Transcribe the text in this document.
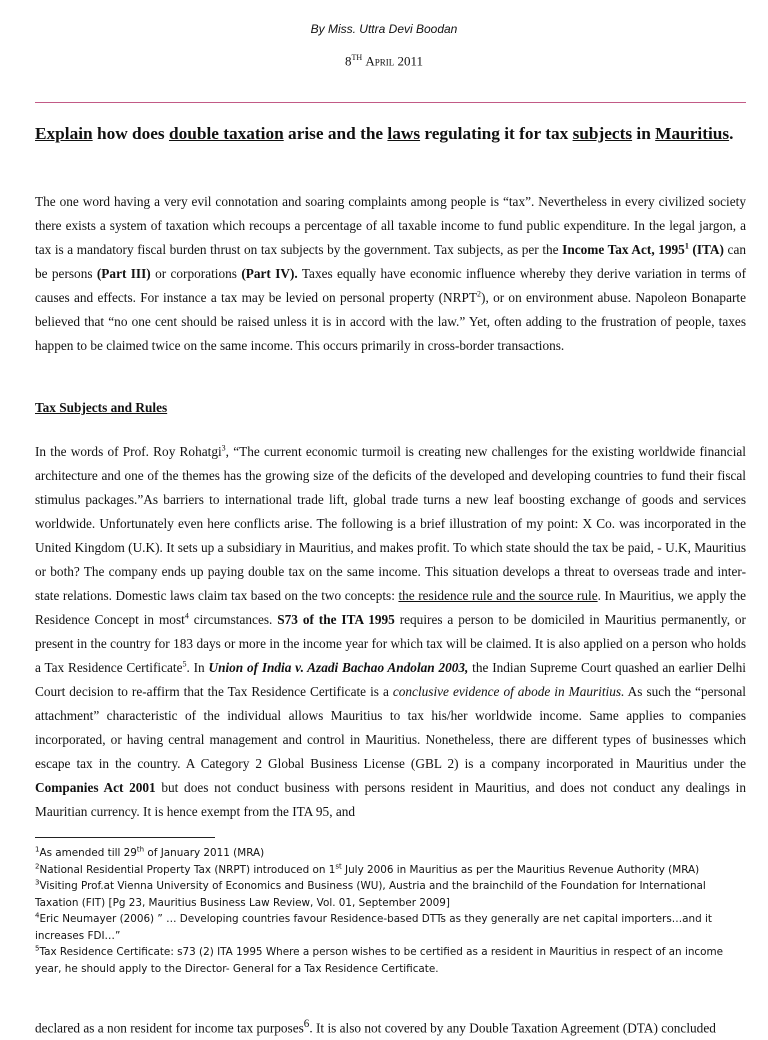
By Miss. Uttra Devi Boodan
8TH April 2011
Explain how does double taxation arise and the laws regulating it for tax subjects in Mauritius.
The one word having a very evil connotation and soaring complaints among people is “tax”. Nevertheless in every civilized society there exists a system of taxation which recoups a percentage of all taxable income to fund public expenditure. In the legal jargon, a tax is a mandatory fiscal burden thrust on tax subjects by the government. Tax subjects, as per the Income Tax Act, 1995$^1$ (ITA) can be persons (Part III) or corporations (Part IV). Taxes equally have economic influence whereby they derive variation in terms of causes and effects. For instance a tax may be levied on personal property (NRPT$^2$), or on environment abuse. Napoleon Bonaparte believed that “no one cent should be raised unless it is in accord with the law.” Yet, often adding to the frustration of people, taxes happen to be claimed twice on the same income. This occurs primarily in cross-border transactions.
Tax Subjects and Rules
In the words of Prof. Roy Rohatgi$^3$, “The current economic turmoil is creating new challenges for the existing worldwide financial architecture and one of the themes has the growing size of the deficits of the developed and developing countries to fund their fiscal stimulus packages.”As barriers to international trade lift, global trade turns a new leaf boosting exchange of goods and services worldwide. Unfortunately even here conflicts arise. The following is a brief illustration of my point: X Co. was incorporated in the United Kingdom (U.K). It sets up a subsidiary in Mauritius, and makes profit. To which state should the tax be paid, - U.K, Mauritius or both? The company ends up paying double tax on the same income. This situation develops a threat to overseas trade and inter-state relations. Domestic laws claim tax based on the two concepts: the residence rule and the source rule. In Mauritius, we apply the Residence Concept in most$^4$ circumstances. S73 of the ITA 1995 requires a person to be domiciled in Mauritius permanently, or present in the country for 183 days or more in the income year for which tax will be claimed. It is also applied on a person who holds a Tax Residence Certificate$^5$. In Union of India v. Azadi Bachao Andolan 2003, the Indian Supreme Court quashed an earlier Delhi Court decision to re-affirm that the Tax Residence Certificate is a conclusive evidence of abode in Mauritius. As such the “personal attachment” characteristic of the individual allows Mauritius to tax his/her worldwide income. Same applies to companies incorporated, or having central management and control in Mauritius. Nonetheless, there are different types of businesses which escape tax in the country. A Category 2 Global Business License (GBL 2) is a company incorporated in Mauritius under the Companies Act 2001 but does not conduct business with persons resident in Mauritius, and does not conduct any dealings in Mauritian currency. It is hence exempt from the ITA 95, and
$^1$As amended till 29th of January 2011 (MRA)
$^2$National Residential Property Tax (NRPT) introduced on 1st July 2006 in Mauritius as per the Mauritius Revenue Authority (MRA)
$^3$Visiting Prof.at Vienna University of Economics and Business (WU), Austria and the brainchild of the Foundation for International Taxation (FIT) [Pg 23, Mauritius Business Law Review, Vol. 01, September 2009]
$^4$Eric Neumayer (2006) ” … Developing countries favour Residence-based DTTs as they generally are net capital importers…and it increases FDI…”
$^5$Tax Residence Certificate: s73 (2) ITA 1995 Where a person wishes to be certified as a resident in Mauritius in respect of an income year, he should apply to the Director- General for a Tax Residence Certificate.
declared as a non resident for income tax purposes$^6$. It is also not covered by any Double Taxation Agreement (DTA) concluded
